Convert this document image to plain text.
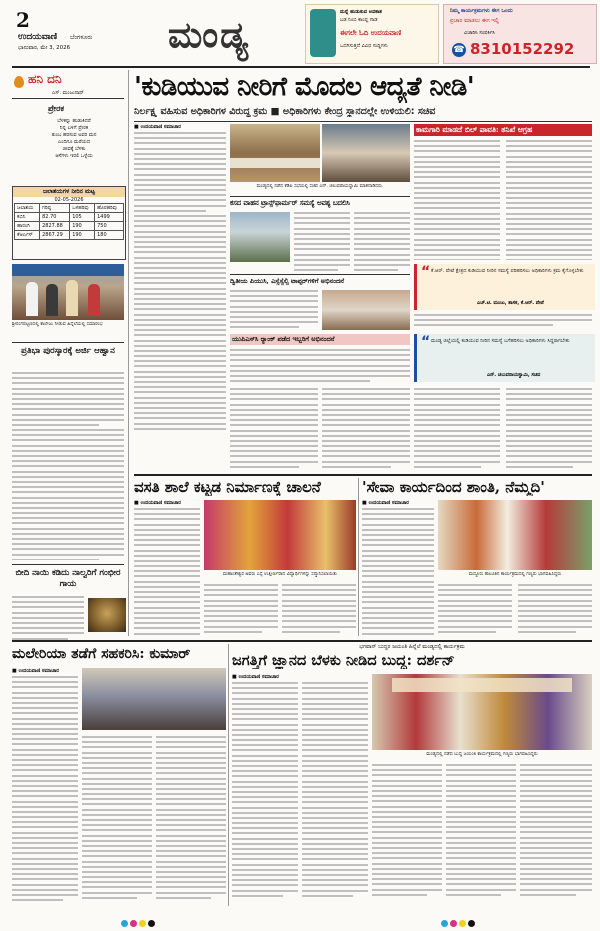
2
ಉದಯವಾಣಿ ಬೆಂಗಳೂರು
ಭಾನುವಾರ, ಮೇ 3, 2026	ಮಂಡ್ಯ
ಮನ್ನೆ ಹುಡುಕುವ ಅವಕಾಶ
ಬಡ ನಿಂಬಿ ಕಾಂಪ್ಲ ಗಾಡ
ಈಗಲೇ ಓದಿ ಉದಯವಾಣಿ
ಒದಗಿಸುತ್ತದೆ ವಿವಿಧ ಸುದ್ದಿಗಳು
ನಿಮ್ಮ ಕಾರ್ಯಕ್ರಮಗಳು ಈಗ ಒಂದು
ಪ್ರಚಾರ ಮಾಡಲು ಈಗ ಇಲ್ಲಿ
ವಿಚಾರಿಸಿ ಸಂಪರ್ಕಿಸಿ
☎ 8310152292
ಹನಿ ದನಿ
ಎಸ್. ಮಂಜುನಾಥ್
ಪ್ರೇರಕ
ಬೆಳಕನ್ನು ಹುಡುಕಿದರೆ
ನಿನ್ನ ಬಳಿಗೆ ಪ್ರೇರಕ
ತುಂಬ ಹರಸುವ ಅವರ ಮನ
ಎಂದಿಗೂ ಮರೆಯದ
ಜೀವಕ್ಕೆ ಬೆಳಕು
ಆಸೆಗಳು ಇರಲಿ ಒಳ್ಳೆಯ
ಜಲಾಶಯಗಳ ನೀರಿನ ಮಟ್ಟ
02-05-2026
ಜಲಾಶಯ	ಗರಿಷ್ಠ	ಒಳಹರಿವು	ಹೊರಹರಿವು
ಕಬಿನಿ	82.70	105	1499
ಹಾರಂಗಿ	2827.88	190	750
ಕೆಆರ್ಎಸ್	2867.29	190	180
ಶ್ರೀರಂಗಪಟ್ಟಣದಲ್ಲಿ ಕಾಲೇಜು ನೀಡುವ ಹಿನ್ನೆಲೆಯಲ್ಲಿ ಸಮಾರಂಭ
ಪ್ರತಿಭಾ ಪುರಸ್ಕಾರಕ್ಕೆ ಅರ್ಜಿ ಆಹ್ವಾನ
ಬೀದಿ ನಾಯಿ ಕಡಿದು ನಾಲ್ವರಿಗೆ ಗಂಭೀರ ಗಾಯ
'ಕುಡಿಯುವ ನೀರಿಗೆ ಮೊದಲ ಆದ್ಯತೆ ನೀಡಿ'
ನಿರ್ಲಕ್ಷ್ಯ ವಹಿಸುವ ಅಧಿಕಾರಿಗಳ ವಿರುದ್ಧ ಕ್ರಮ ■ ಅಧಿಕಾರಿಗಳು ಕೇಂದ್ರ ಸ್ಥಾನದಲ್ಲೇ ಉಳಿಯಲಿ: ಸಚಿವ
■ ಉದಯವಾಣಿ ಸಮಾಚಾರ
ಮಂಡ್ಯದಲ್ಲಿ ನಡೆದ ಕೆಡಿಪಿ ಸಭೆಯಲ್ಲಿ ಸಚಿವ ಎನ್. ಚಲುವರಾಯಸ್ವಾಮಿ ಮಾತನಾಡಿದರು.
ಕಾಮಗಾರಿ ಮಾಡದೆ ಬಿಲ್ ಪಾವತಿ: ತನಿಖೆ ಆಗ್ರಹ
ಕಸದ ವಾಹನ ಟ್ರಾನ್ಸ್‌ಫಾರ್ಮರ್ ಸಮಸ್ಯೆ ಅವಶ್ಯ ಬದಲಿಸಿ
ದ್ವಿತೀಯ ಪಿಯುಸಿ, ಎಸ್ಸೆಸ್ಸೆಲ್ಸಿ ಟಾಪ್ಪರ್‌ಗಳಿಗೆ ಅಭಿನಂದನೆ
ಯುಪಿಎಸ್‌ಸಿ ರ್‍ಯಾಂಕ್ ಪಡೆದ ಇಬ್ಬರಿಗೆ ಅಭಿನಂದನೆ
“ ಕೆ.ಆರ್. ಪೇಟೆ ಕ್ಷೇತ್ರದ ಕುಡಿಯುವ ನೀರಿನ ಸಮಸ್ಯೆ ಪರಿಹರಿಸಲು ಅಧಿಕಾರಿಗಳು ಕ್ರಮ ಕೈಗೊಳ್ಳಬೇಕು
ಎಚ್.ಟಿ. ಮಂಜು, ಶಾಸಕ, ಕೆ.ಆರ್. ಪೇಟೆ
“ ಮಂಡ್ಯ ಜಿಲ್ಲೆಯಲ್ಲಿ ಕುಡಿಯುವ ನೀರಿನ ಸಮಸ್ಯೆ ಬಗೆಹರಿಸಲು ಅಧಿಕಾರಿಗಳು ಸಿದ್ಧರಾಗಬೇಕು
ಎನ್. ಚಲುವರಾಯಸ್ವಾಮಿ, ಸಚಿವ
ವಸತಿ ಶಾಲೆ ಕಟ್ಟಡ ನಿರ್ಮಾಣಕ್ಕೆ ಚಾಲನೆ	'ಸೇವಾ ಕಾರ್ಯದಿಂದ ಶಾಂತಿ, ನೆಮ್ಮದಿ'
■ ಉದಯವಾಣಿ ಸಮಾಚಾರ
ಮಹಾಂತೇಶ್ವರ ಅವರು ಎಸ್ಸೆ ಉತ್ತೀರ್ಣರಾದ ವಿದ್ಯಾರ್ಥಿಗಳನ್ನು ಸನ್ಮಾನಿಸಲಾಯಿತು
■ ಉದಯವಾಣಿ ಸಮಾಚಾರ
ಮದ್ದೂರು ತಾಲೂಕಿನ ಕಾರ್ಯಕ್ರಮದಲ್ಲಿ ಗಣ್ಯರು ಭಾಗವಹಿಸಿದ್ದರು
ಮಲೇರಿಯಾ ತಡೆಗೆ ಸಹಕರಿಸಿ: ಕುಮಾರ್	ಭಗವಾನ್ ಬುದ್ಧರ ಜಯಂತಿ ಹಿನ್ನೆಲೆ ಮಂಡ್ಯದಲ್ಲಿ ಕಾರ್ಯಕ್ರಮ
ಜಗತ್ತಿಗೆ ಜ್ಞಾನದ ಬೆಳಕು ನೀಡಿದ ಬುದ್ಧ: ದರ್ಶನ್
■ ಉದಯವಾಣಿ ಸಮಾಚಾರ
■ ಉದಯವಾಣಿ ಸಮಾಚಾರ
ಮಂಡ್ಯದಲ್ಲಿ ನಡೆದ ಬುದ್ಧ ಜಯಂತಿ ಕಾರ್ಯಕ್ರಮದಲ್ಲಿ ಗಣ್ಯರು ಭಾಗವಹಿಸಿದ್ದರು
